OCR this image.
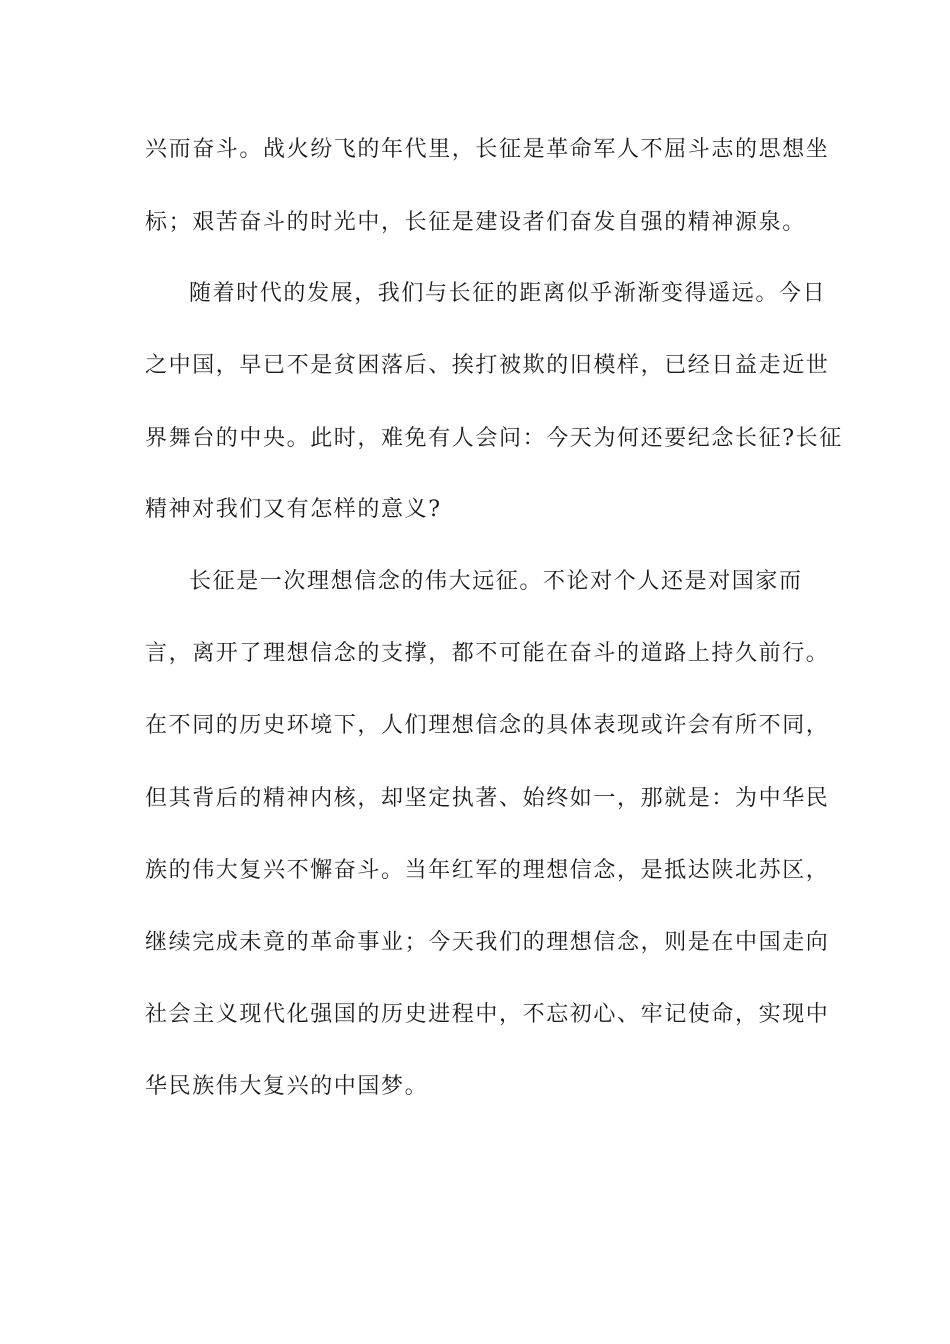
兴而奋斗。战火纷飞的年代里，长征是革命军人不屈斗志的思想坐
标；艰苦奋斗的时光中，长征是建设者们奋发自强的精神源泉。
随着时代的发展，我们与长征的距离似乎渐渐变得遥远。今日
之中国，早已不是贫困落后、挨打被欺的旧模样，已经日益走近世
界舞台的中央。此时，难免有人会问：今天为何还要纪念长征?长征
精神对我们又有怎样的意义?
长征是一次理想信念的伟大远征。不论对个人还是对国家而
言，离开了理想信念的支撑，都不可能在奋斗的道路上持久前行。
在不同的历史环境下，人们理想信念的具体表现或许会有所不同，
但其背后的精神内核，却坚定执著、始终如一，那就是：为中华民
族的伟大复兴不懈奋斗。当年红军的理想信念，是抵达陕北苏区，
继续完成未竟的革命事业；今天我们的理想信念，则是在中国走向
社会主义现代化强国的历史进程中，不忘初心、牢记使命，实现中
华民族伟大复兴的中国梦。
